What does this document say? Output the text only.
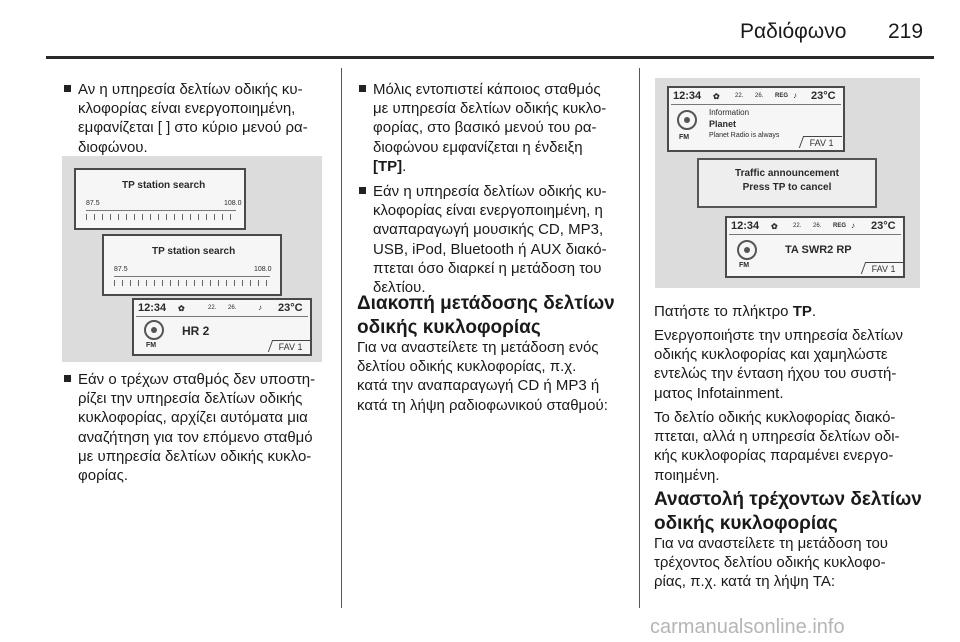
Ραδιόφωνο 219
Αν η υπηρεσία δελτίων οδικής κυ-
κλοφορίας είναι ενεργοποιημένη,
εμφανίζεται [ ] στο κύριο μενού ρα-
διοφώνου.
TP station search
87.5	108.0
TP station search
87.5	108.0
12:34 ✿	22. 26.	♪ 23°C
FM
HR 2
FAV 1
Εάν ο τρέχων σταθμός δεν υποστη-
ρίζει την υπηρεσία δελτίων οδικής
κυκλοφορίας, αρχίζει αυτόματα μια
αναζήτηση για τον επόμενο σταθμό
με υπηρεσία δελτίων οδικής κυκλο-
φορίας.
Μόλις εντοπιστεί κάποιος σταθμός
με υπηρεσία δελτίων οδικής κυκλο-
φορίας, στο βασικό μενού του ρα-
διοφώνου εμφανίζεται η ένδειξη
[TP].
Εάν η υπηρεσία δελτίων οδικής κυ-
κλοφορίας είναι ενεργοποιημένη, η
αναπαραγωγή μουσικής CD, MP3,
USB, iPod, Bluetooth ή AUX διακό-
πτεται όσο διαρκεί η μετάδοση του
δελτίου.
Διακοπή μετάδοσης δελτίων
οδικής κυκλοφορίας
Για να αναστείλετε τη μετάδοση ενός
δελτίου οδικής κυκλοφορίας, π.χ.
κατά την αναπαραγωγή CD ή MP3 ή
κατά τη λήψη ραδιοφωνικού σταθμού:
12:34 ✿	22. 26. REG ♪ 23°C
FM
Information
Planet
Planet Radio is always
FAV 1
Traffic announcement
Press TP to cancel
12:34 ✿	22. 26. REG ♪ 23°C
FM
TA SWR2 RP
FAV 1
Πατήστε το πλήκτρο TP.
Ενεργοποιήστε την υπηρεσία δελτίων
οδικής κυκλοφορίας και χαμηλώστε
εντελώς την ένταση ήχου του συστή-
ματος Infotainment.
Το δελτίο οδικής κυκλοφορίας διακό-
πτεται, αλλά η υπηρεσία δελτίων οδι-
κής κυκλοφορίας παραμένει ενεργο-
ποιημένη.
Αναστολή τρέχοντων δελτίων
οδικής κυκλοφορίας
Για να αναστείλετε τη μετάδοση του
τρέχοντος δελτίου οδικής κυκλοφο-
ρίας, π.χ. κατά τη λήψη TA:
carmanualsonline.info
